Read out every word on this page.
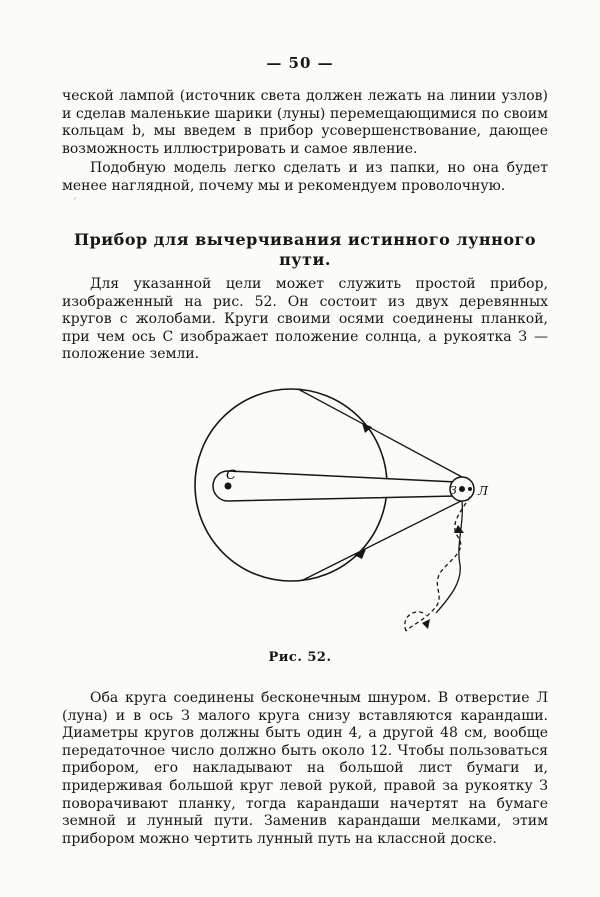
— 50 —

ческой лампой (источник света должен лежать на линии узлов) и сделав маленькие шарики (луны) перемещающимися по своим кольцам b, мы введем в прибор усовершенствование, дающее возможность иллюстрировать и самое явление.

Подобную модель легко сделать и из папки, но она будет менее наглядной, почему мы и рекомендуем проволочную.

ˊ
Прибор для вычерчивания истинного лунного пути.

Для указанной цели может служить простой прибор, изображенный на рис. 52. Он состоит из двух деревянных кругов с жолобами. Круги своими осями соединены планкой, при чем ось С изображает положение солнца, а рукоятка З — положение земли.

C
З Л
Рис. 52.

Оба круга соединены бесконечным шнуром. В отверстие Л (луна) и в ось З малого круга снизу вставляются карандаши. Диаметры кругов должны быть один 4, а другой 48 см, вообще передаточное число должно быть около 12. Чтобы пользоваться прибором, его накладывают на большой лист бумаги и, придерживая большой круг левой рукой, правой за рукоятку З поворачивают планку, тогда карандаши начертят на бумаге земной и лунный пути. Заменив карандаши мелками, этим прибором можно чертить лунный путь на классной доске.
